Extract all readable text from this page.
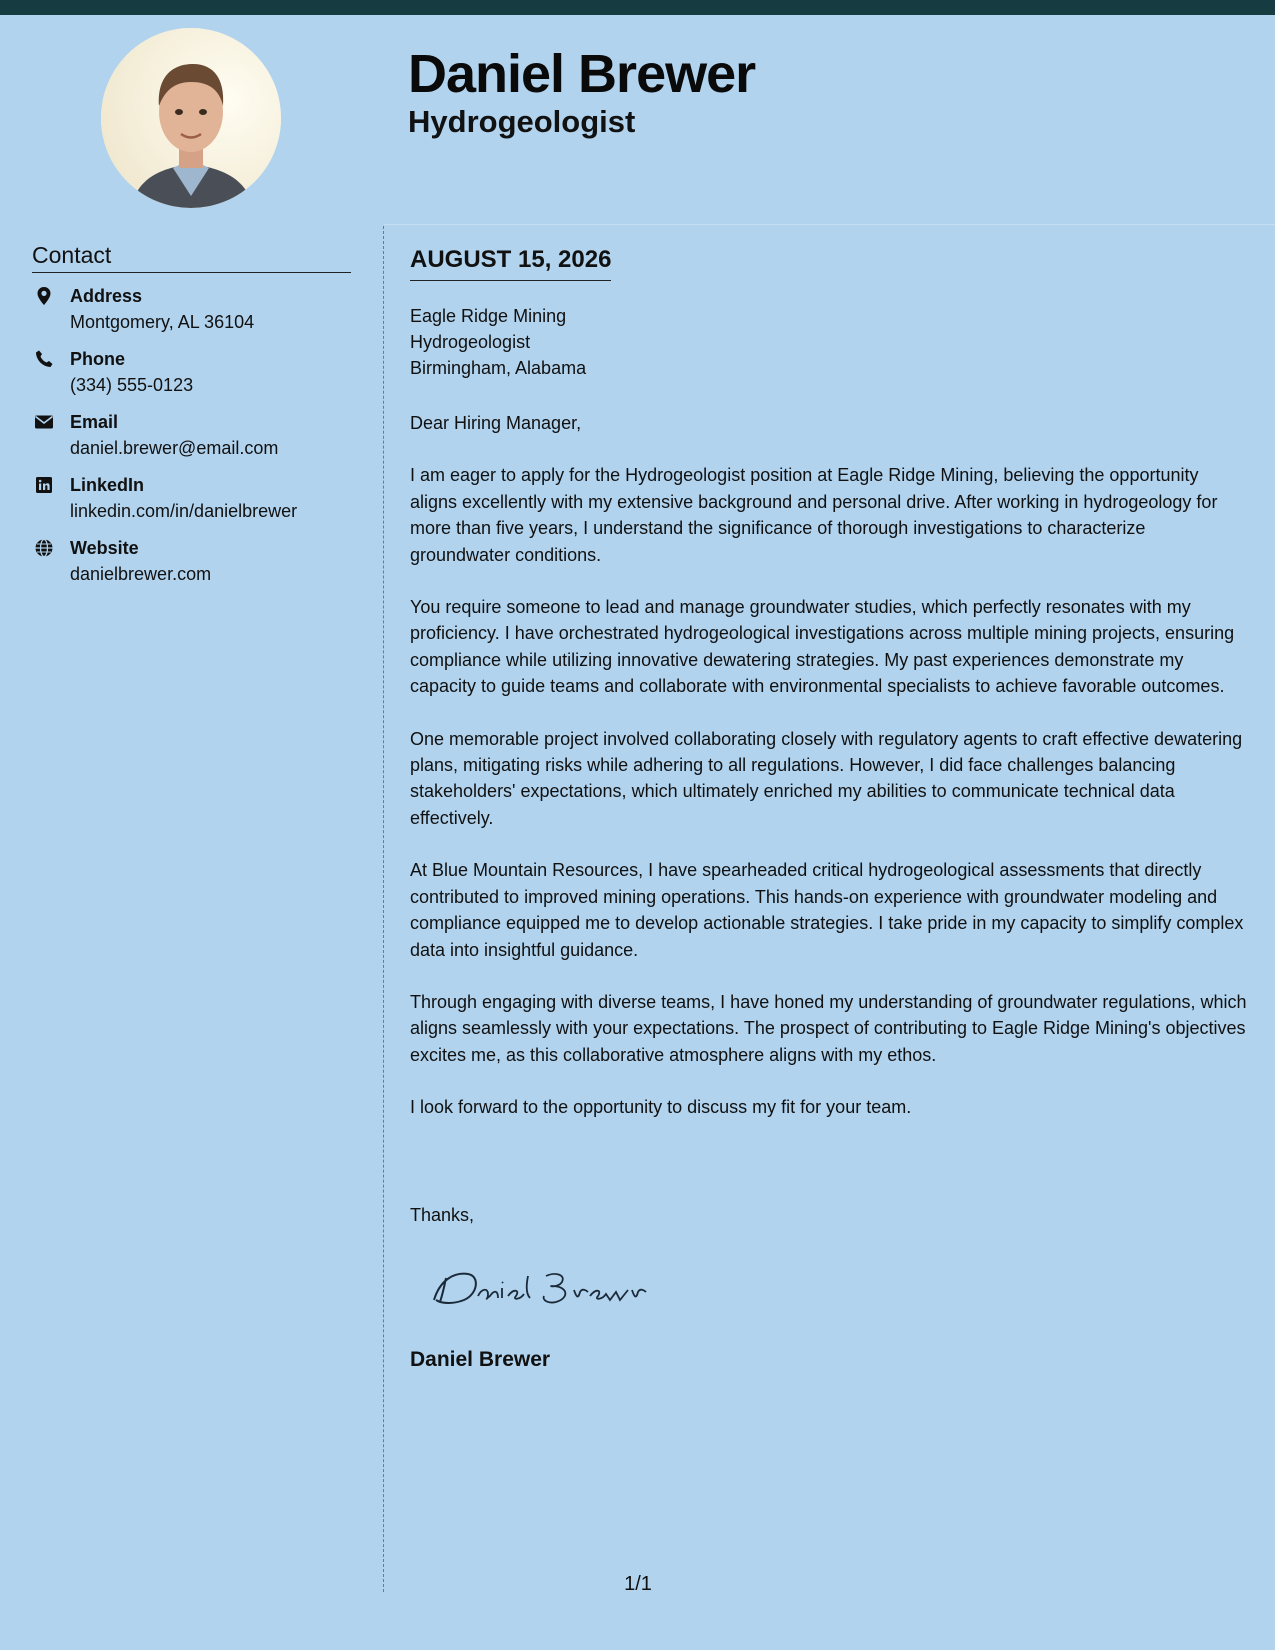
Daniel Brewer
Hydrogeologist
Contact
Address
Montgomery, AL 36104
Phone
(334) 555-0123
Email
daniel.brewer@email.com
LinkedIn
linkedin.com/in/danielbrewer
Website
danielbrewer.com
AUGUST 15, 2026
Eagle Ridge Mining
Hydrogeologist
Birmingham, Alabama

Dear Hiring Manager,

I am eager to apply for the Hydrogeologist position at Eagle Ridge Mining, believing the opportunity aligns excellently with my extensive background and personal drive. After working in hydrogeology for more than five years, I understand the significance of thorough investigations to characterize groundwater conditions.

You require someone to lead and manage groundwater studies, which perfectly resonates with my proficiency. I have orchestrated hydrogeological investigations across multiple mining projects, ensuring compliance while utilizing innovative dewatering strategies. My past experiences demonstrate my capacity to guide teams and collaborate with environmental specialists to achieve favorable outcomes.

One memorable project involved collaborating closely with regulatory agents to craft effective dewatering plans, mitigating risks while adhering to all regulations. However, I did face challenges balancing stakeholders' expectations, which ultimately enriched my abilities to communicate technical data effectively.

At Blue Mountain Resources, I have spearheaded critical hydrogeological assessments that directly contributed to improved mining operations. This hands-on experience with groundwater modeling and compliance equipped me to develop actionable strategies. I take pride in my capacity to simplify complex data into insightful guidance.

Through engaging with diverse teams, I have honed my understanding of groundwater regulations, which aligns seamlessly with your expectations. The prospect of contributing to Eagle Ridge Mining's objectives excites me, as this collaborative atmosphere aligns with my ethos.

I look forward to the opportunity to discuss my fit for your team.

Thanks,

Daniel Brewer
1/1
